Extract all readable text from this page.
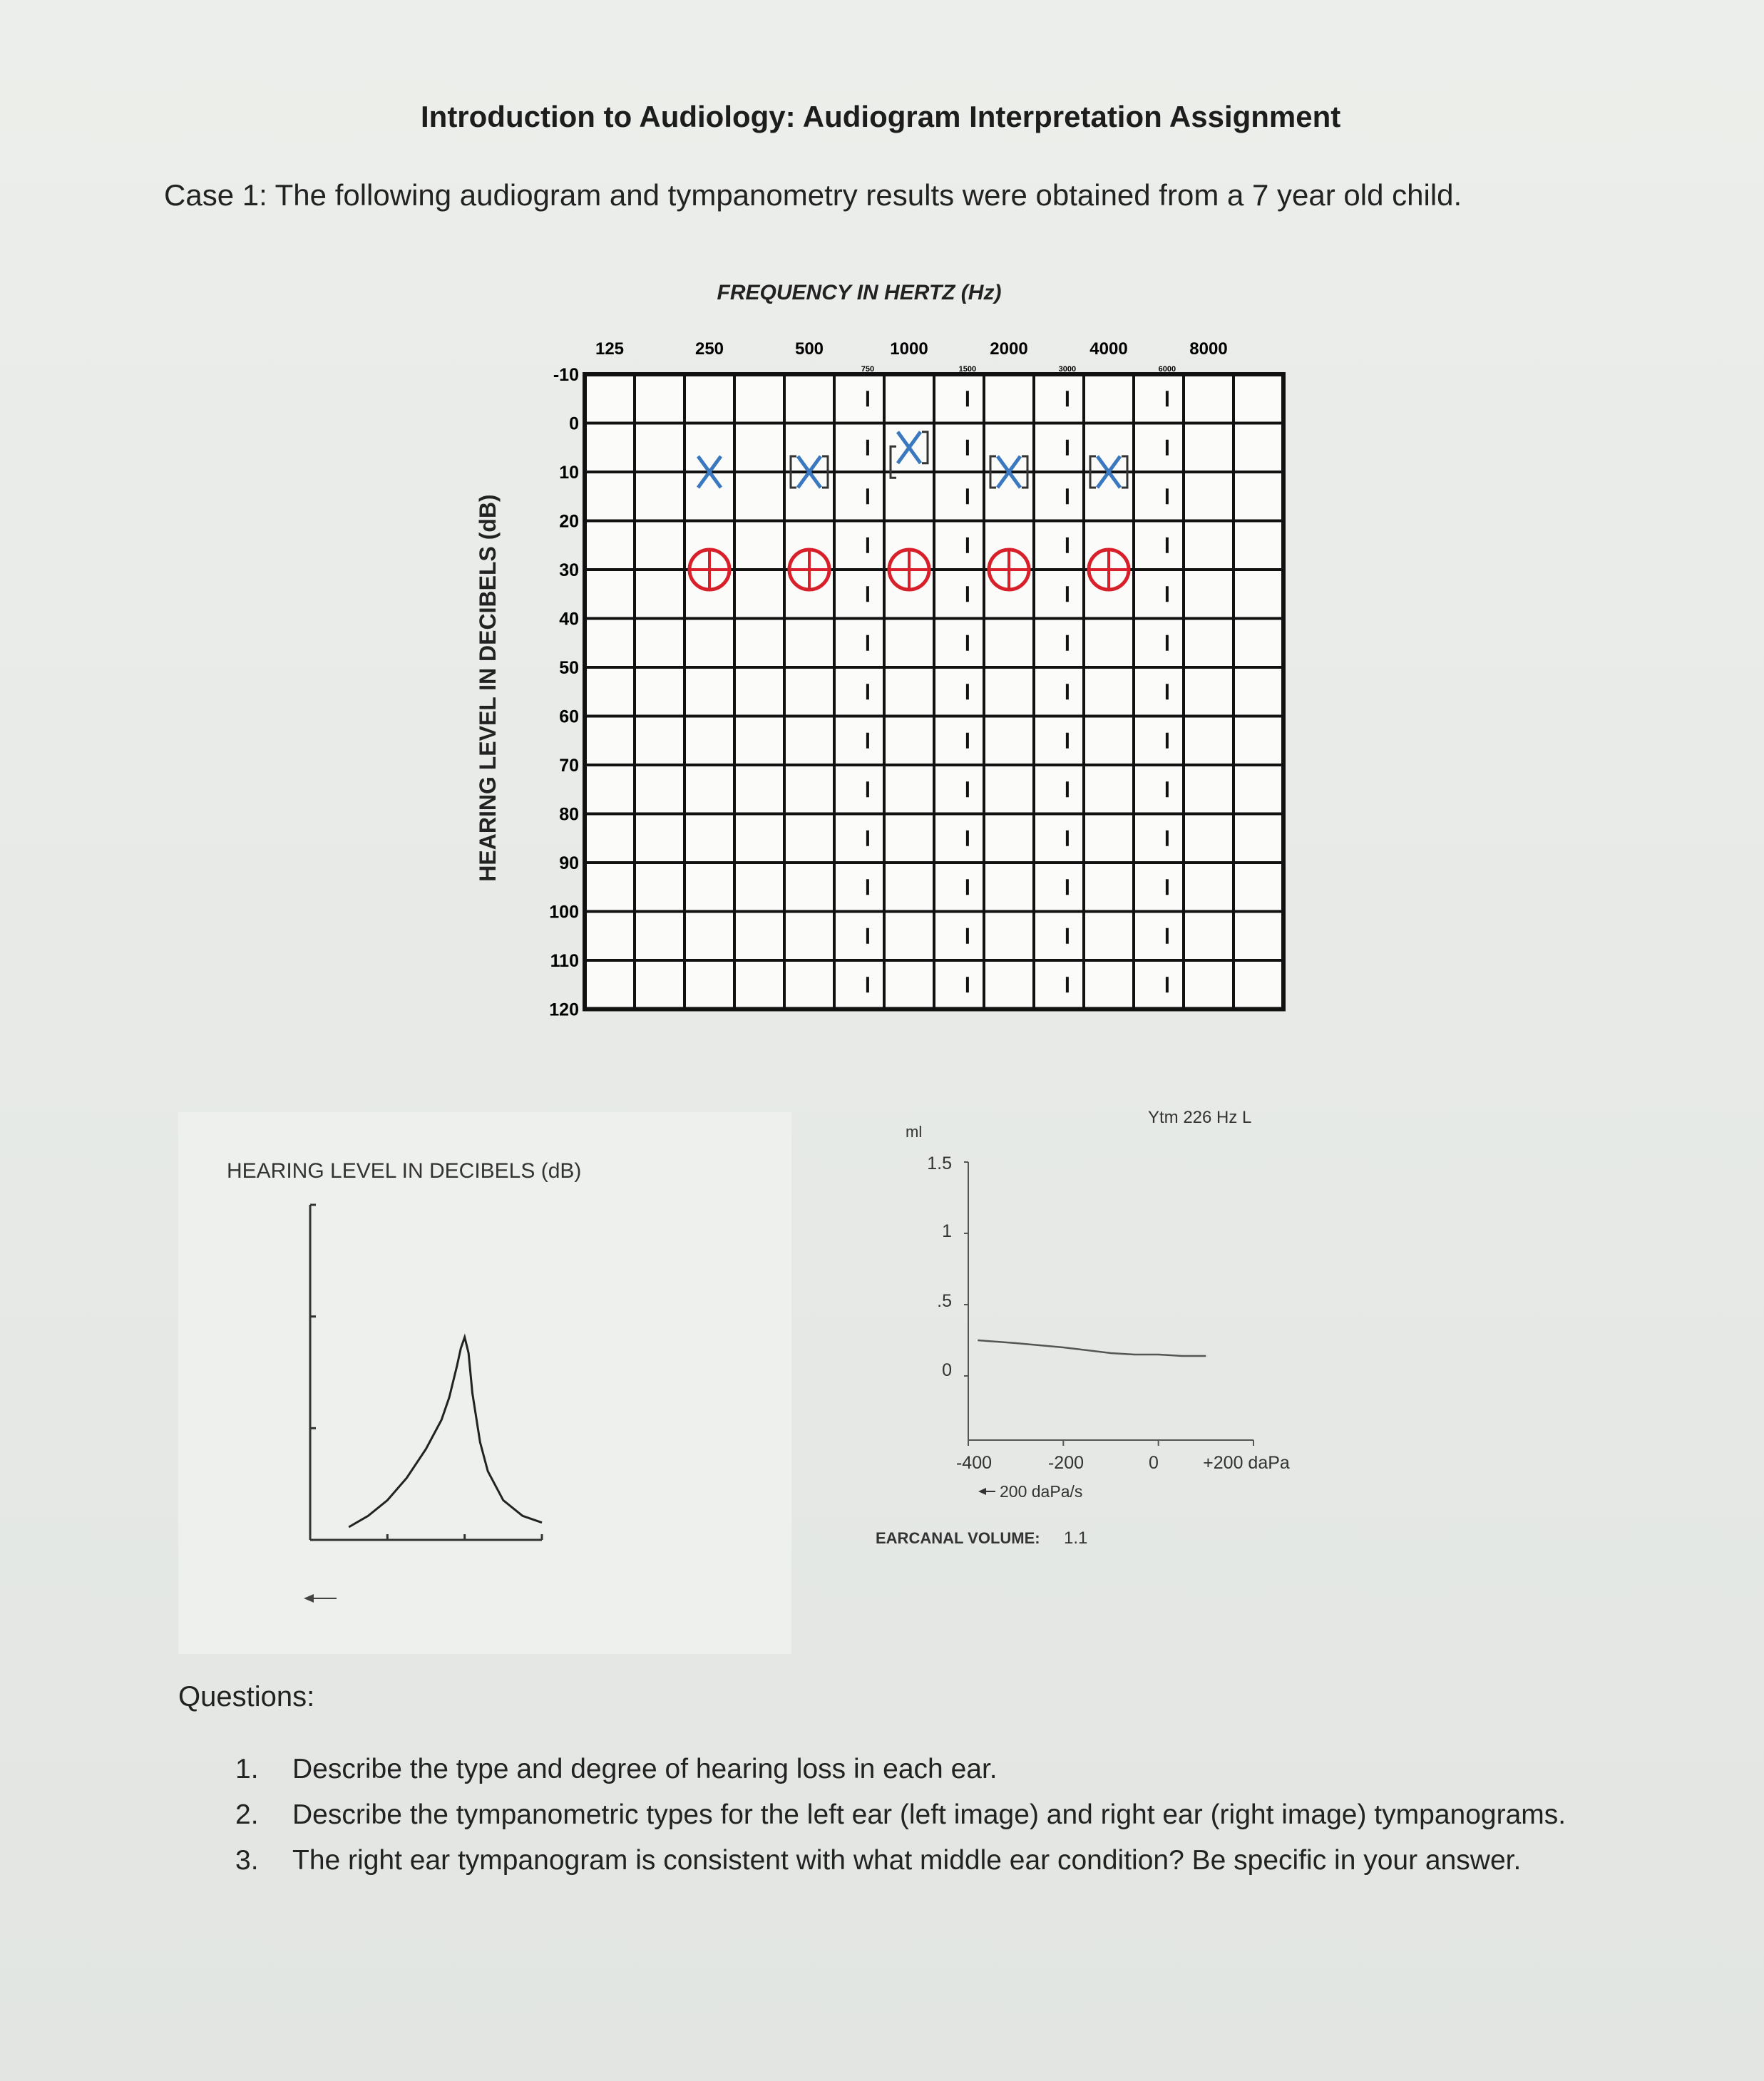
Introduction to Audiology: Audiogram Interpretation Assignment
Case 1: The following audiogram and tympanometry results were obtained from a 7 year old child.
FREQUENCY IN HERTZ (Hz)
HEARING LEVEL IN DECIBELS (dB)
125	250	500	1000	2000	4000	8000
750	1500	3000	6000
-10
0
10
20
30
40
50
60
70
80
90
100
110
120
HEARING LEVEL IN DECIBELS (dB)
Ytm 226 Hz L
ml
1.5
1
.5
0
-400	-200	0 +200 daPa
200 daPa/s
EARCANAL VOLUME: 1.1
Questions:
1. Describe the type and degree of hearing loss in each ear.
2. Describe the tympanometric types for the left ear (left image) and right ear (right image) tympanograms.
3. The right ear tympanogram is consistent with what middle ear condition? Be specific in your answer.
